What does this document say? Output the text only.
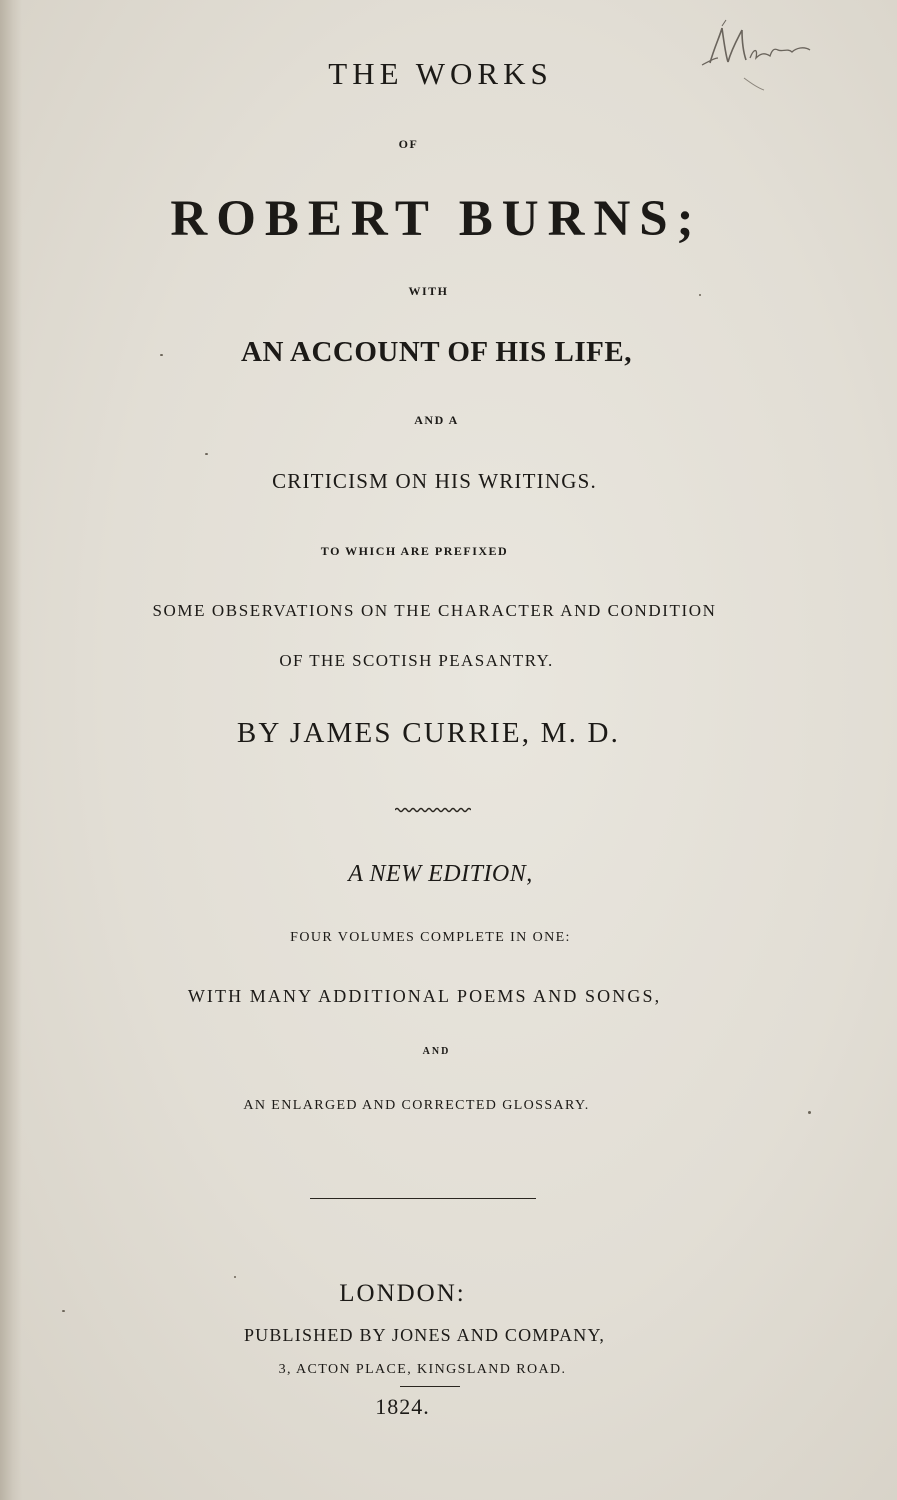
THE WORKS
OF
ROBERT BURNS;
WITH
AN ACCOUNT OF HIS LIFE,
AND A
CRITICISM ON HIS WRITINGS.
TO WHICH ARE PREFIXED
SOME OBSERVATIONS ON THE CHARACTER AND CONDITION
OF THE SCOTISH PEASANTRY.
BY JAMES CURRIE, M. D.
A NEW EDITION,
FOUR VOLUMES COMPLETE IN ONE:
WITH MANY ADDITIONAL POEMS AND SONGS,
AND
AN ENLARGED AND CORRECTED GLOSSARY.
LONDON:
PUBLISHED BY JONES AND COMPANY,
3, ACTON PLACE, KINGSLAND ROAD.
1824.
